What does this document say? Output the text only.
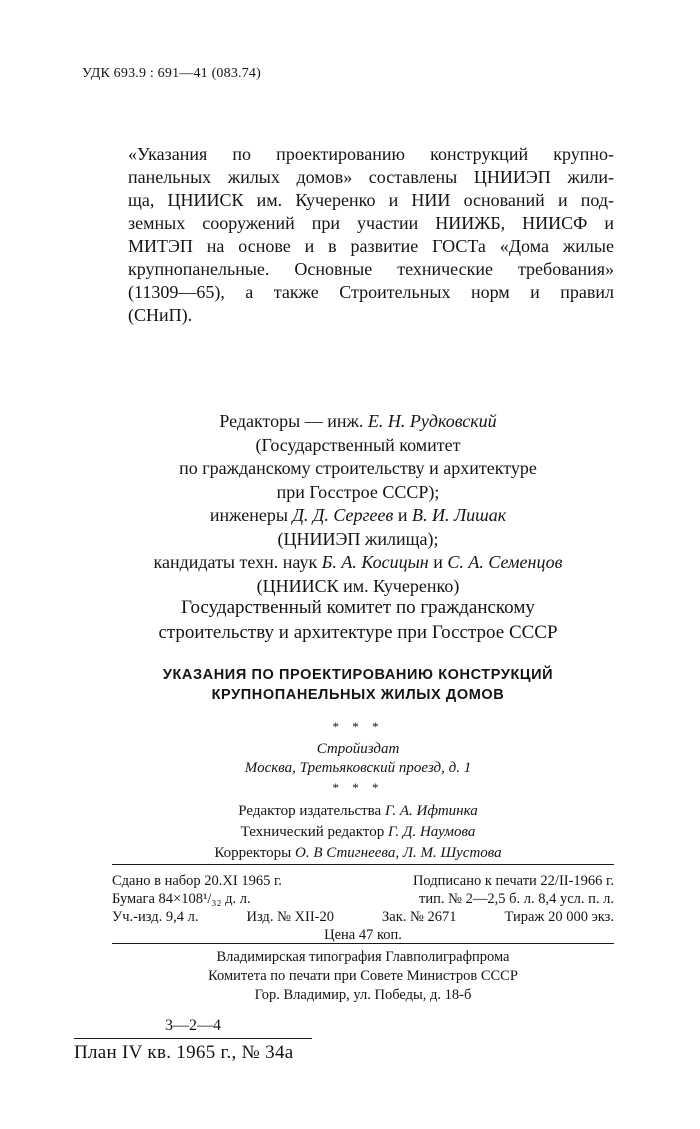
УДК 693.9 : 691—41 (083.74)
«Указания по проектированию конструкций крупно-
панельных жилых домов» составлены ЦНИИЭП жили-
ща, ЦНИИСК им. Кучеренко и НИИ оснований и под-
земных сооружений при участии НИИЖБ, НИИСФ и
МИТЭП на основе и в развитие ГОСТа «Дома жилые
крупнопанельные. Основные технические требования»
(11309—65), а также Строительных норм и правил
(СНиП).
Редакторы — инж. Е. Н. Рудковский
(Государственный комитет
по гражданскому строительству и архитектуре
при Госстрое СССР);
инженеры Д. Д. Сергеев и В. И. Лишак
(ЦНИИЭП жилища);
кандидаты техн. наук Б. А. Косицын и С. А. Семенцов
(ЦНИИСК им. Кучеренко)
Государственный комитет по гражданскому
строительству и архитектуре при Госстрое СССР
УКАЗАНИЯ ПО ПРОЕКТИРОВАНИЮ КОНСТРУКЦИЙ
КРУПНОПАНЕЛЬНЫХ ЖИЛЫХ ДОМОВ
* * *
Стройиздат
Москва, Третьяковский проезд, д. 1
* * *
Редактор издательства Г. А. Ифтинка
Технический редактор Г. Д. Наумова
Корректоры О. В Стигнеева, Л. М. Шустова
Сдано в набор 20.XI 1965 г.	Подписано к печати 22/II-1966 г.
Бумага 84×108¹/₃₂ д. л.	тип. № 2—2,5 б. л. 8,4 усл. п. л.
Уч.-изд. 9,4 л.	Изд. № XII-20	Зак. № 2671	Тираж 20 000 экз.
Цена 47 коп.
Владимирская типография Главполиграфпрома
Комитета по печати при Совете Министров СССР
Гор. Владимир, ул. Победы, д. 18-б
3—2—4
План IV кв. 1965 г., № 34а
